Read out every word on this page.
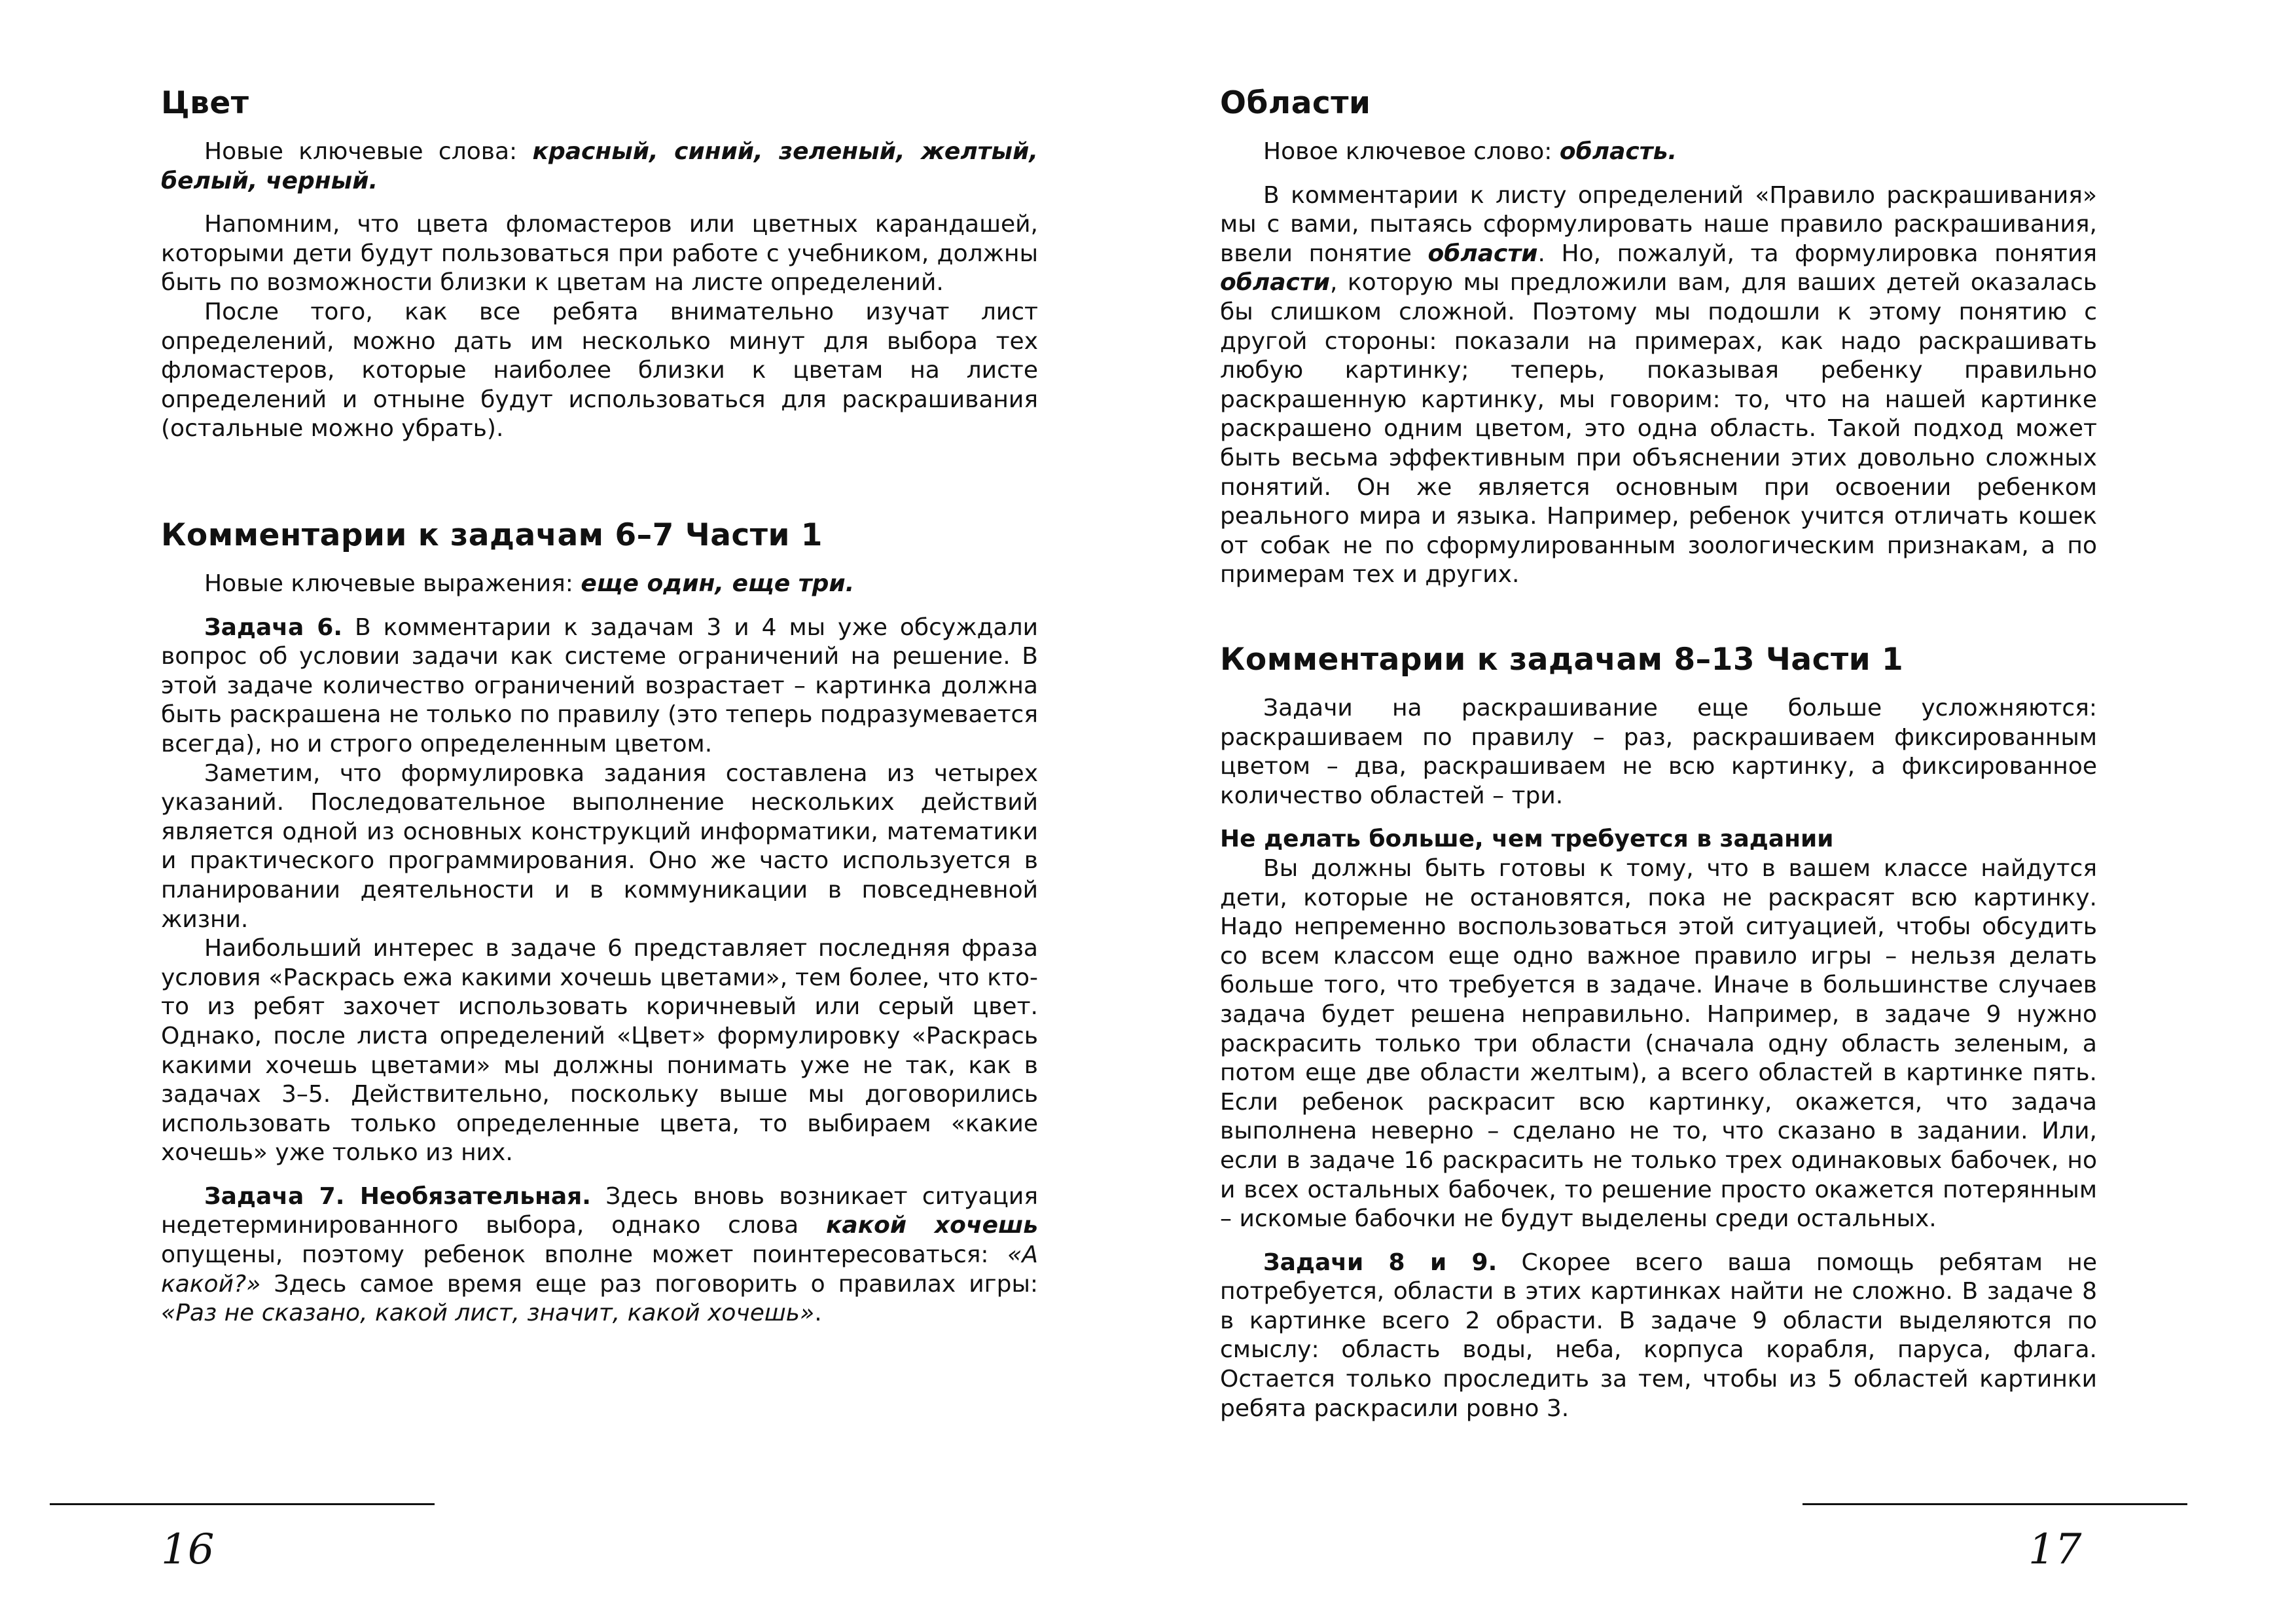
Цвет

Новые ключевые слова: красный, синий, зеленый, желтый, белый, черный.

Напомним, что цвета фломастеров или цветных карандашей, которыми дети будут пользоваться при работе с учебником, должны быть по возможности близки к цветам на листе определений.

После того, как все ребята внимательно изучат лист определений, можно дать им несколько минут для выбора тех фломастеров, которые наиболее близки к цветам на листе определений и отныне будут использоваться для раскрашивания (остальные можно убрать).

Комментарии к задачам 6–7 Части 1

Новые ключевые выражения: еще один, еще три.

Задача 6. В комментарии к задачам 3 и 4 мы уже обсуждали вопрос об условии задачи как системе ограничений на решение. В этой задаче количество ограничений возрастает – картинка должна быть раскрашена не только по правилу (это теперь подразумевается всегда), но и строго определенным цветом.

Заметим, что формулировка задания составлена из четырех указаний. Последовательное выполнение нескольких действий является одной из основных конструкций информатики, математики и практического программирования. Оно же часто используется в планировании деятельности и в коммуникации в повседневной жизни.

Наибольший интерес в задаче 6 представляет последняя фраза условия «Раскрась ежа какими хочешь цветами», тем более, что кто-то из ребят захочет использовать коричневый или серый цвет. Однако, после листа определений «Цвет» формулировку «Раскрась какими хочешь цветами» мы должны понимать уже не так, как в задачах 3–5. Действительно, поскольку выше мы договорились использовать только определенные цвета, то выбираем «какие хочешь» уже только из них.

Задача 7. Необязательная. Здесь вновь возникает ситуация недетерминированного выбора, однако слова какой хочешь опущены, поэтому ребенок вполне может поинтересоваться: «А какой?» Здесь самое время еще раз поговорить о правилах игры: «Раз не сказано, какой лист, значит, какой хочешь».

16
Области

Новое ключевое слово: область.

В комментарии к листу определений «Правило раскрашивания» мы с вами, пытаясь сформулировать наше правило раскрашивания, ввели понятие области. Но, пожалуй, та формулировка понятия области, которую мы предложили вам, для ваших детей оказалась бы слишком сложной. Поэтому мы подошли к этому понятию с другой стороны: показали на примерах, как надо раскрашивать любую картинку; теперь, показывая ребенку правильно раскрашенную картинку, мы говорим: то, что на нашей картинке раскрашено одним цветом, это одна область. Такой подход может быть весьма эффективным при объяснении этих довольно сложных понятий. Он же является основным при освоении ребенком реального мира и языка. Например, ребенок учится отличать кошек от собак не по сформулированным зоологическим признакам, а по примерам тех и других.

Комментарии к задачам 8–13 Части 1

Задачи на раскрашивание еще больше усложняются: раскрашиваем по правилу – раз, раскрашиваем фиксированным цветом – два, раскрашиваем не всю картинку, а фиксированное количество областей – три.

Не делать больше, чем требуется в задании

Вы должны быть готовы к тому, что в вашем классе найдутся дети, которые не остановятся, пока не раскрасят всю картинку. Надо непременно воспользоваться этой ситуацией, чтобы обсудить со всем классом еще одно важное правило игры – нельзя делать больше того, что требуется в задаче. Иначе в большинстве случаев задача будет решена неправильно. Например, в задаче 9 нужно раскрасить только три области (сначала одну область зеленым, а потом еще две области желтым), а всего областей в картинке пять. Если ребенок раскрасит всю картинку, окажется, что задача выполнена неверно – сделано не то, что сказано в задании. Или, если в задаче 16 раскрасить не только трех одинаковых бабочек, но и всех остальных бабочек, то решение просто окажется потерянным – искомые бабочки не будут выделены среди остальных.

Задачи 8 и 9. Скорее всего ваша помощь ребятам не потребуется, области в этих картинках найти не сложно. В задаче 8 в картинке всего 2 обрасти. В задаче 9 области выделяются по смыслу: область воды, неба, корпуса корабля, паруса, флага. Остается только проследить за тем, чтобы из 5 областей картинки ребята раскрасили ровно 3.

17
